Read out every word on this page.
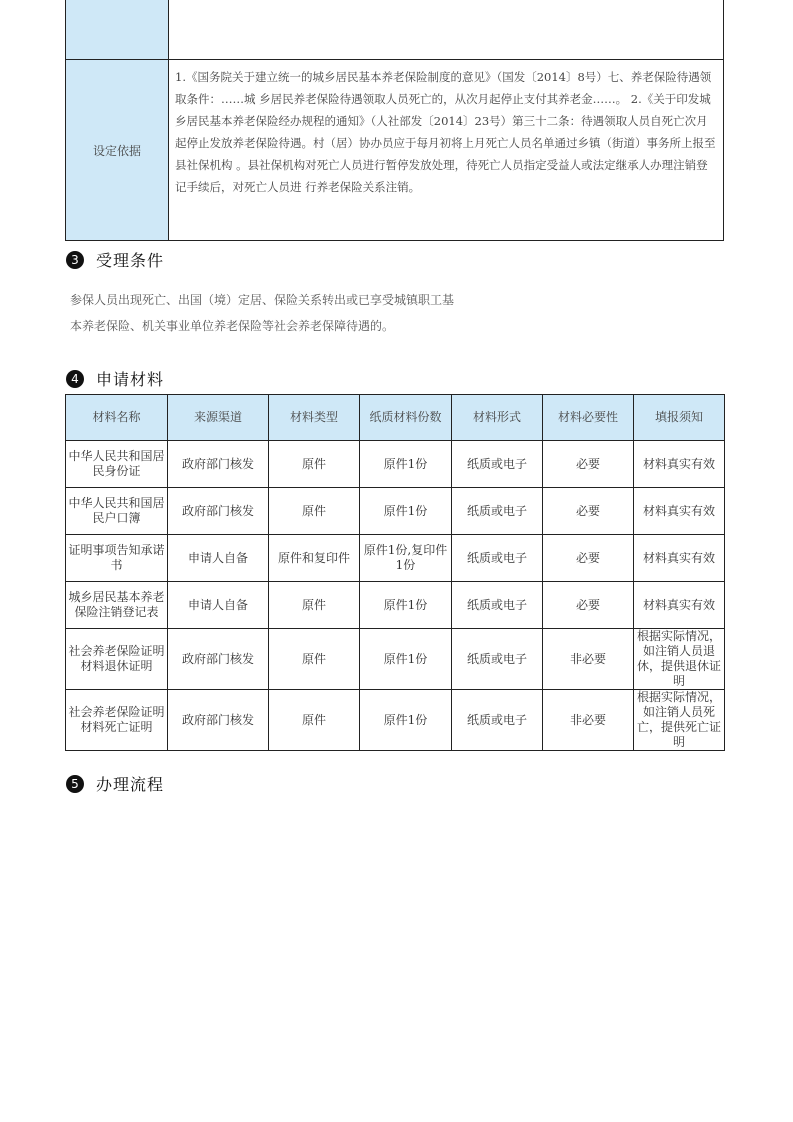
设定依据	1.《国务院关于建立统一的城乡居民基本养老保险制度的意见》（国发〔2014〕8号）七、养老保险待遇领取条件：……城 乡居民养老保险待遇领取人员死亡的，从次月起停止支付其养老金……。 2.《关于印发城乡居民基本养老保险经办规程的通知》（人社部发〔2014〕23号）第三十二条：待遇领取人员自死亡次月 起停止发放养老保险待遇。村（居）协办员应于每月初将上月死亡人员名单通过乡镇（街道）事务所上报至县社保机构 。县社保机构对死亡人员进行暂停发放处理，待死亡人员指定受益人或法定继承人办理注销登记手续后，对死亡人员进 行养老保险关系注销。
3	受理条件

参保人员出现死亡、出国（境）定居、保险关系转出或已享受城镇职工基

本养老保险、机关事业单位养老保险等社会养老保障待遇的。

4	申请材料
材料名称	来源渠道	材料类型	纸质材料份数	材料形式	材料必要性	填报须知
中华人民共和国居民身份证	政府部门核发	原件	原件1份	纸质或电子	必要	材料真实有效
中华人民共和国居民户口簿	政府部门核发	原件	原件1份	纸质或电子	必要	材料真实有效
证明事项告知承诺书	申请人自备	原件和复印件	原件1份,复印件1份	纸质或电子	必要	材料真实有效
城乡居民基本养老保险注销登记表	申请人自备	原件	原件1份	纸质或电子	必要	材料真实有效
社会养老保险证明材料退休证明	政府部门核发	原件	原件1份	纸质或电子	非必要	根据实际情况，如注销人员退休，提供退休证明
社会养老保险证明材料死亡证明	政府部门核发	原件	原件1份	纸质或电子	非必要	根据实际情况，如注销人员死亡，提供死亡证明
5	办理流程
